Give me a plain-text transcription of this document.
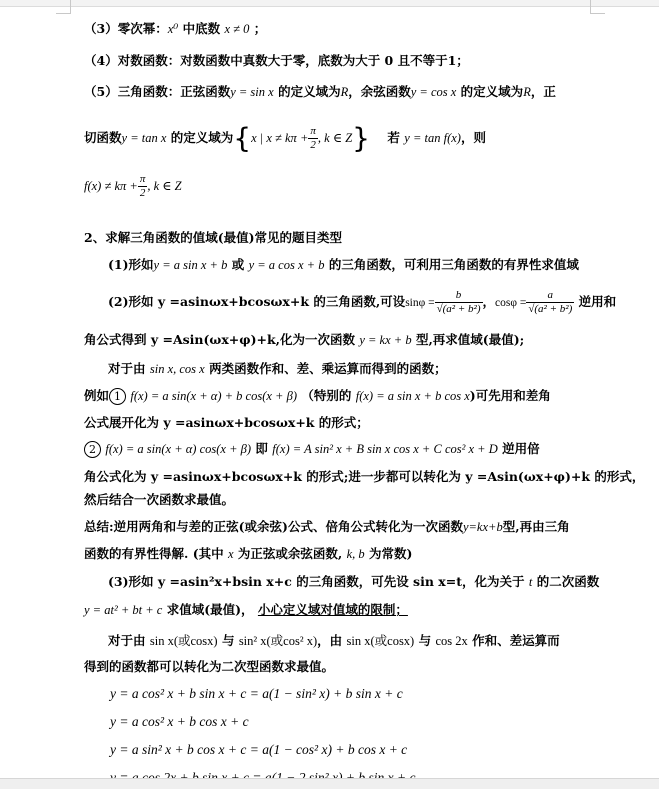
（3）零次幂：x⁰ 中底数 x ≠ 0 ；
（4）对数函数：对数函数中真数大于零，底数为大于 0 且不等于1；
（5）三角函数：正弦函数y = sin x 的定义域为R，余弦函数y = cos x 的定义域为R，正
切函数y = tan x 的定义域为{x | $x \ne k\pi + \frac{\pi}{2}$ , k ∈ Z} 若 y = tan f(x)，则
$f(x) \ne k\pi + \frac{\pi}{2}$ , k ∈ Z
2、求解三角函数的值域(最值)常见的题目类型
(1)形如y = a sin x + b 或 y = a cos x + b 的三角函数，可利用三角函数的有界性求值域
(2)形如 y =asinωx+bcosωx+k 的三角函数,可设$\sin\varphi = \frac{b}{\text{√(a² + b²)}}$ ，$\cos\varphi = \frac{a}{\text{√(a² + b²)}}$ 逆用和
角公式得到 y =Asin(ωx+φ)+k,化为一次函数 y = kx + b 型,再求值域(最值);
对于由 sin x, cos x 两类函数作和、差、乘运算而得到的函数；
例如 1 f(x) = a sin(x + α) + b cos(x + β) （特别的 f(x) = a sin x + b cos x)可先用和差角
公式展开化为 y =asinωx+bcosωx+k 的形式；
2 f(x) = a sin(x + α) cos(x + β) 即 f(x) = A sin² x + B sin x cos x + C cos² x + D 逆用倍
角公式化为 y =asinωx+bcosωx+k 的形式;进一步都可以转化为 y =Asin(ωx+φ)+k 的形式，
然后结合一次函数求最值。
总结:逆用两角和与差的正弦(或余弦)公式、倍角公式转化为一次函数y=kx+b型,再由三角
函数的有界性得解. (其中 x 为正弦或余弦函数, k, b 为常数)
(3)形如 y =asin²x+bsin x+c 的三角函数，可先设 sin x=t，化为关于 t 的二次函数
y = at² + bt + c 求值域(最值)， 小心定义域对值域的限制；
对于由 sin x(或cosx) 与 sin² x(或cos² x)，由 sin x(或cosx) 与 cos 2x 作和、差运算而
得到的函数都可以转化为二次型函数求最值。
y = a cos² x + b sin x + c = a(1 − sin² x) + b sin x + c
y = a cos² x + b cos x + c
y = a sin² x + b cos x + c = a(1 − cos² x) + b cos x + c
